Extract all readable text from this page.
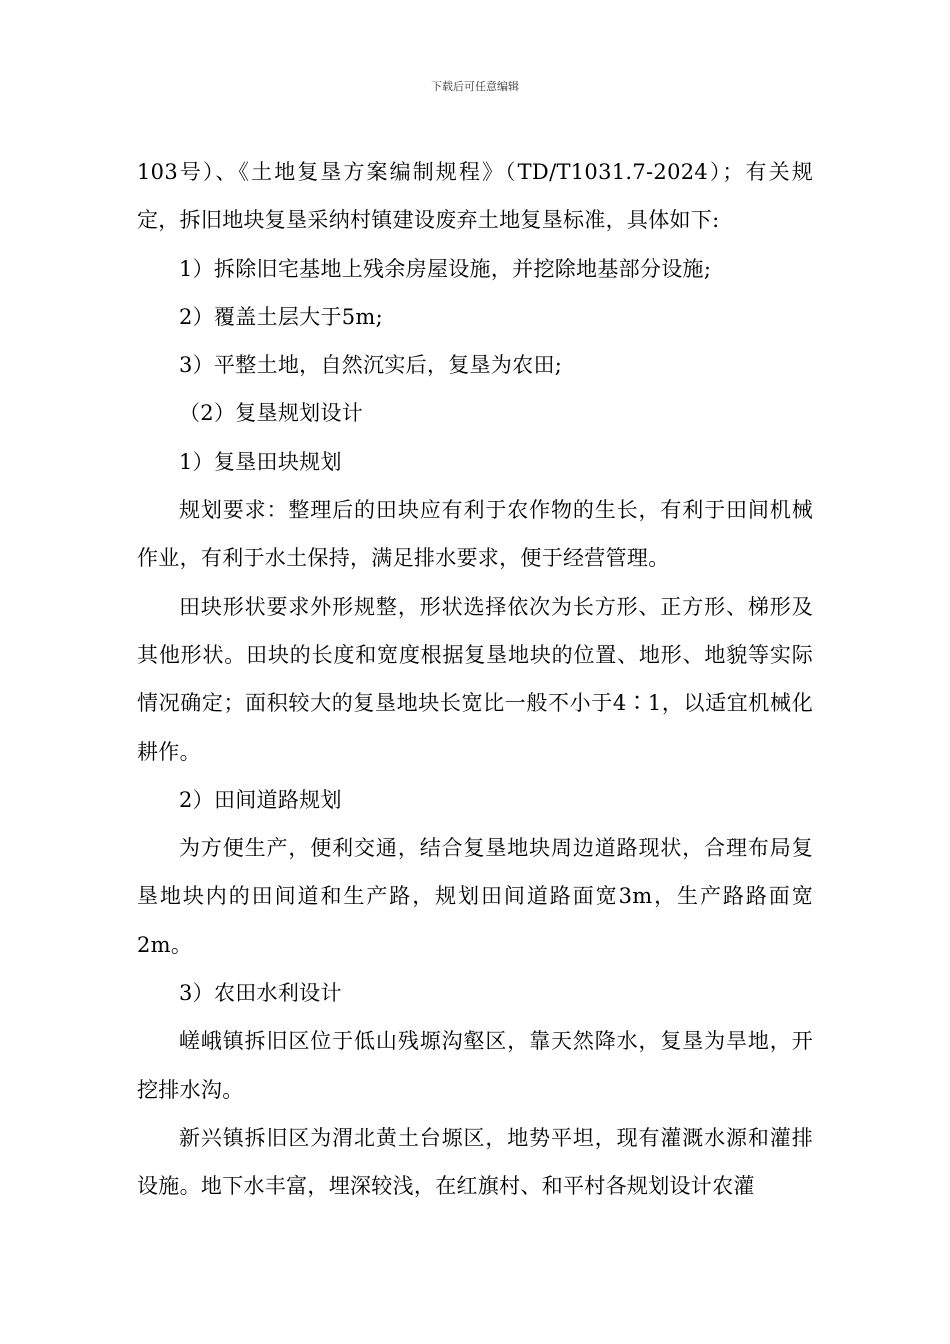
下载后可任意编辑

103号）、《土地复垦方案编制规程》（TD/T1031.7-2024）；有关规定，拆旧地块复垦采纳村镇建设废弃土地复垦标准，具体如下:

1）拆除旧宅基地上残余房屋设施，并挖除地基部分设施;

2）覆盖土层大于5m;

3）平整土地，自然沉实后，复垦为农田;

（2）复垦规划设计

1）复垦田块规划

规划要求：整理后的田块应有利于农作物的生长，有利于田间机械作业，有利于水土保持，满足排水要求，便于经营管理。

田块形状要求外形规整，形状选择依次为长方形、正方形、梯形及其他形状。田块的长度和宽度根据复垦地块的位置、地形、地貌等实际情况确定；面积较大的复垦地块长宽比一般不小于4∶1，以适宜机械化耕作。

2）田间道路规划

为方便生产，便利交通，结合复垦地块周边道路现状，合理布局复垦地块内的田间道和生产路，规划田间道路面宽3m，生产路路面宽2m。

3）农田水利设计

嵯峨镇拆旧区位于低山残塬沟壑区，靠天然降水，复垦为旱地，开挖排水沟。

新兴镇拆旧区为渭北黄土台塬区，地势平坦，现有灌溉水源和灌排设施。地下水丰富，埋深较浅，在红旗村、和平村各规划设计农灌
